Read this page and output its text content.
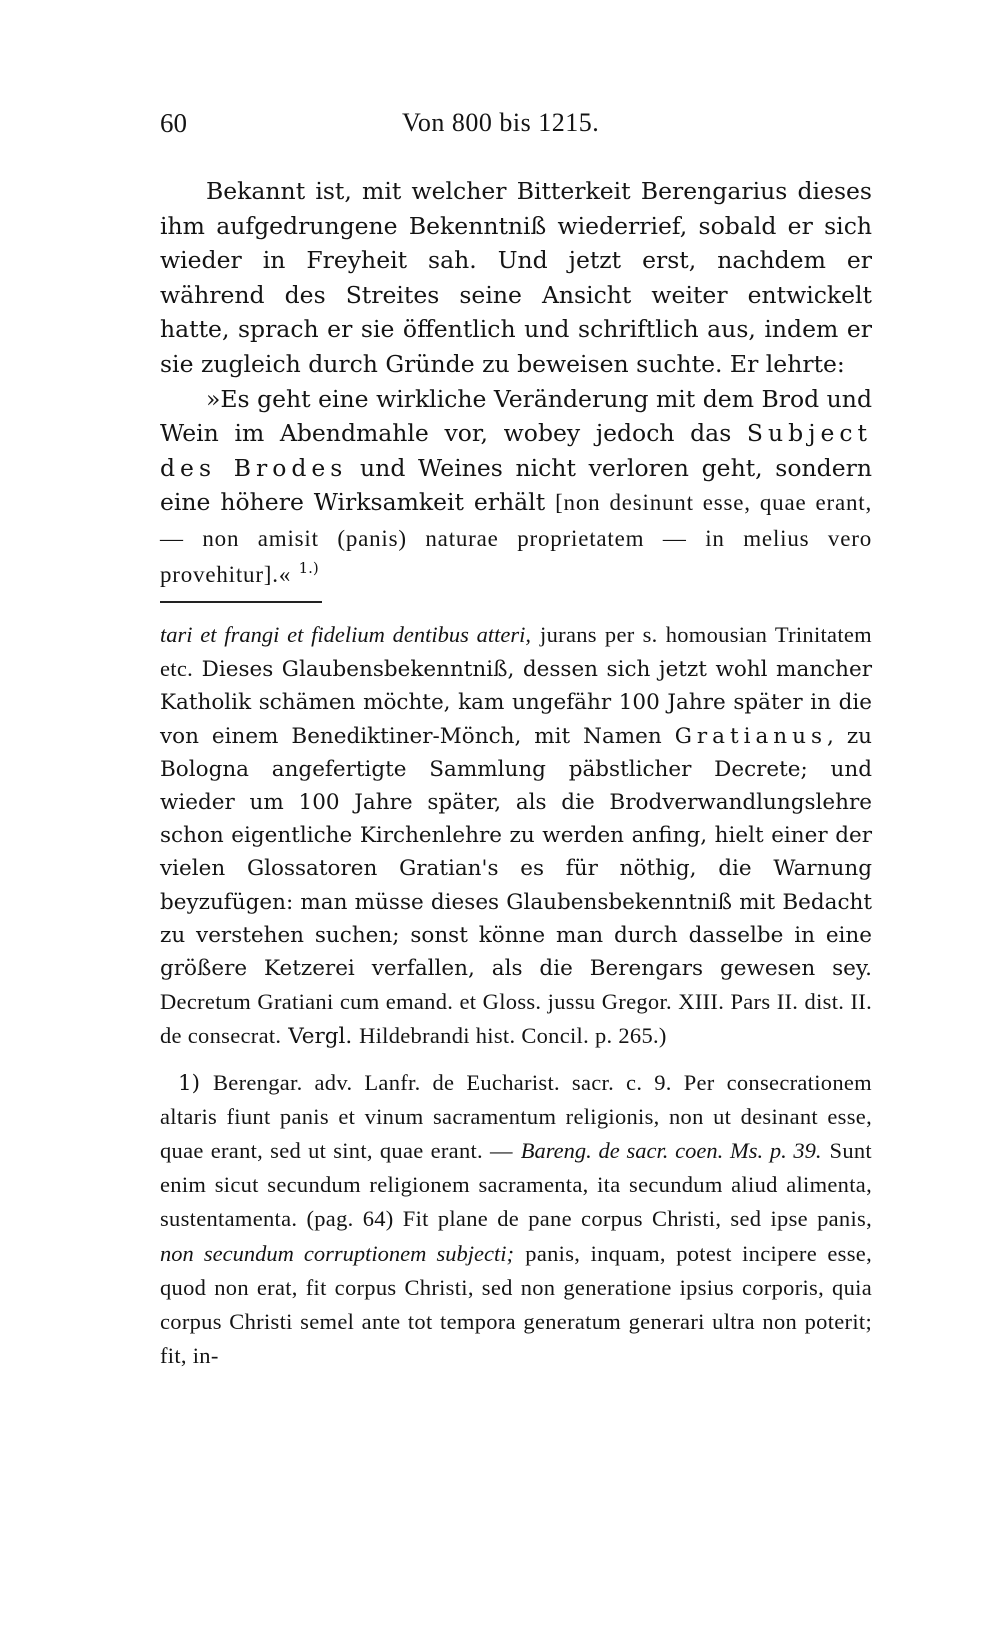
60	Von 800 bis 1215.

Bekannt ist, mit welcher Bitterkeit Berengarius dieses ihm aufgedrungene Bekenntniß wiederrief, sobald er sich wieder in Freyheit sah. Und jetzt erst, nachdem er während des Streites seine Ansicht weiter entwickelt hatte, sprach er sie öffentlich und schriftlich aus, indem er sie zugleich durch Gründe zu beweisen suchte. Er lehrte:

»Es geht eine wirkliche Veränderung mit dem Brod und Wein im Abendmahle vor, wobey jedoch das Subject des Brodes und Weines nicht verloren geht, sondern eine höhere Wirksamkeit erhält [non desinunt esse, quae erant, — non amisit (panis) naturae proprietatem — in melius vero provehitur].« $^{1.)}$

tari et frangi et fidelium dentibus atteri, jurans per s. homousian Trinitatem etc. Dieses Glaubensbekenntniß, dessen sich jetzt wohl mancher Katholik schämen möchte, kam ungefähr 100 Jahre später in die von einem Benediktiner-Mönch, mit Namen Gratianus, zu Bologna angefertigte Sammlung päbstlicher Decrete; und wieder um 100 Jahre später, als die Brodverwandlungslehre schon eigentliche Kirchenlehre zu werden anfing, hielt einer der vielen Glossatoren Gratian's es für nöthig, die Warnung beyzufügen: man müsse dieses Glaubensbekenntniß mit Bedacht zu verstehen suchen; sonst könne man durch dasselbe in eine größere Ketzerei verfallen, als die Berengars gewesen sey. Decretum Gratiani cum emand. et Gloss. jussu Gregor. XIII. Pars II. dist. II. de consecrat. Vergl. Hildebrandi hist. Concil. p. 265.)

1) Berengar. adv. Lanfr. de Eucharist. sacr. c. 9. Per consecrationem altaris fiunt panis et vinum sacramentum religionis, non ut desinant esse, quae erant, sed ut sint, quae erant. — Bareng. de sacr. coen. Ms. p. 39. Sunt enim sicut secundum religionem sacramenta, ita secundum aliud alimenta, sustentamenta. (pag. 64) Fit plane de pane corpus Christi, sed ipse panis, non secundum corruptionem subjecti; panis, inquam, potest incipere esse, quod non erat, fit corpus Christi, sed non generatione ipsius corporis, quia corpus Christi semel ante tot tempora generatum generari ultra non poterit; fit, in-
